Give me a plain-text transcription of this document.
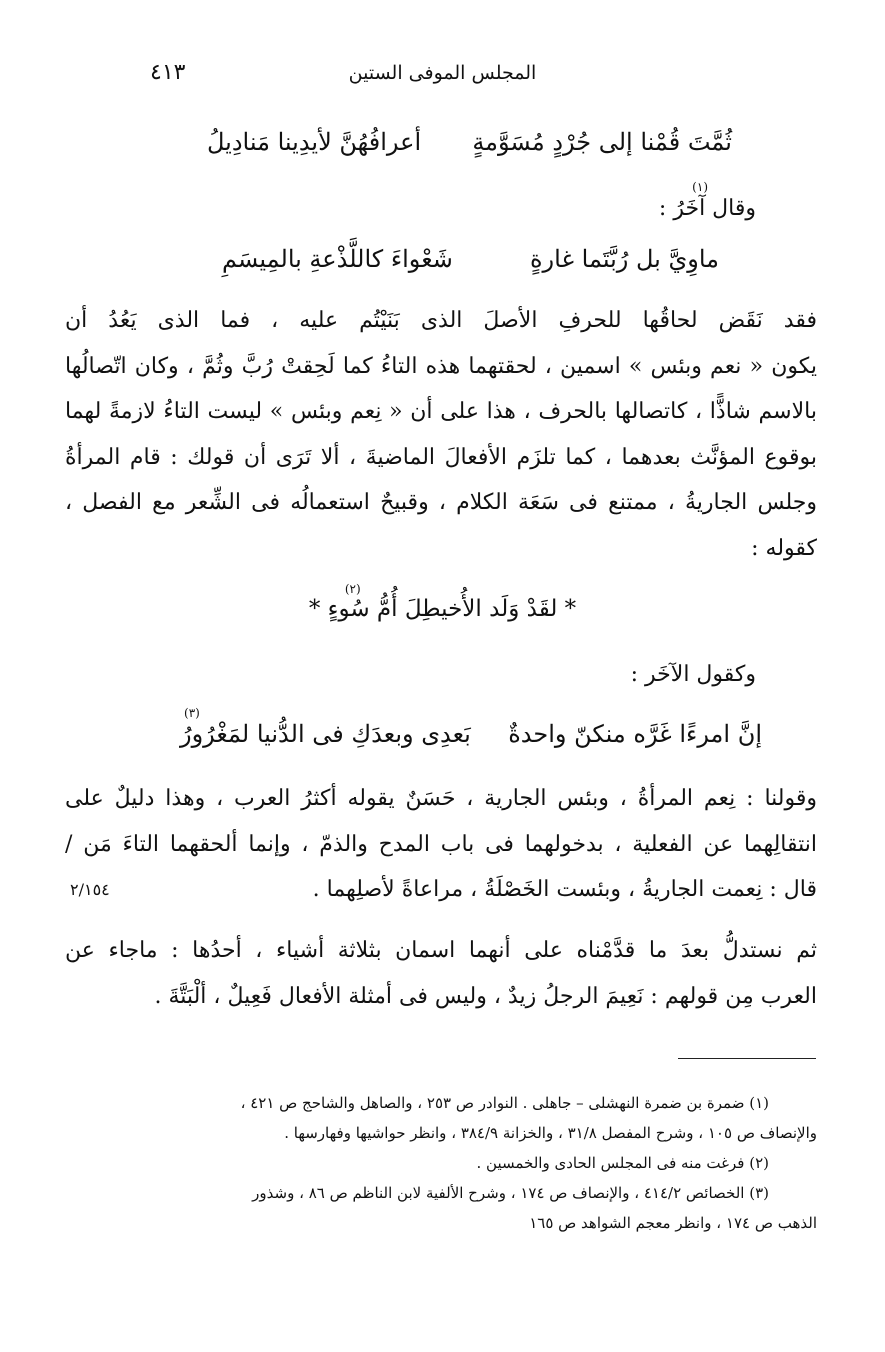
المجلس الموفى الستين
٤١٣
ثُمَّتَ قُمْنا إلى جُرْدٍ مُسَوَّمةٍ
أعرافُهُنَّ لأيدِينا مَنادِيلُ
وقال آخَرُ :
(١)
ماوِيَّ بل رُبَّتَما غارةٍ
شَعْواءَ كاللَّذْعةِ بالمِيسَمِ
فقد نَقَض لحاقُها للحرفِ الأصلَ الذى بَنَيْتُم عليه ، فما الذى يَعُدُ أن
يكون « نعم وبئس » اسمين ، لحقتهما هذه التاءُ كما لَحِقتْ رُبَّ وثُمَّ ، وكان اتّصالُها
بالاسم شاذًّا ، كاتصالها بالحرف ، هذا على أن « نِعم وبئس » ليست التاءُ لازمةً لهما
بوقوع المؤنَّث بعدهما ، كما تلزَم الأفعالَ الماضيةَ ، ألا تَرَى أن قولك : قام المرأةُ
وجلس الجاريةُ ، ممتنع فى سَعَة الكلام ، وقبيحٌ استعمالُه فى الشِّعر مع الفصل ،
كقوله :
* لقَدْ وَلَد الأُخيطِلَ أُمُّ سُوءٍ *
(٢)
وكقول الآخَر :
إنَّ امرءًا غَرَّه منكنّ واحدةٌ
بَعدِى وبعدَكِ فى الدُّنيا لمَغْرُورُ
(٣)
وقولنا : نِعم المرأةُ ، وبئس الجارية ، حَسَنٌ يقوله أكثرُ العرب ، وهذا دليلٌ على
انتقالِهما عن الفعلية ، بدخولهما فى باب المدح والذمّ ، وإنما ألحقهما التاءَ مَن /
قال : نِعمت الجاريةُ ، وبئست الخَصْلَةُ ، مراعاةً لأصلِهما .
٢/١٥٤
ثم نستدلُّ بعدَ ما قدَّمْناه على أنهما اسمان بثلاثة أشياء ، أحدُها : ماجاء عن
العرب مِن قولهم : نَعِيمَ الرجلُ زيدٌ ، وليس فى أمثلة الأفعال فَعِيلٌ ، ألْبَتَّةَ .
(١) ضمرة بن ضمرة النهشلى – جاهلى . النوادر ص ٢٥٣ ، والصاهل والشاحج ص ٤٢١ ،
والإنصاف ص ١٠٥ ، وشرح المفصل ٣١/٨ ، والخزانة ٣٨٤/٩ ، وانظر حواشيها وفهارسها .
(٢) فرغت منه فى المجلس الحادى والخمسين .
(٣) الخصائص ٤١٤/٢ ، والإنصاف ص ١٧٤ ، وشرح الألفية لابن الناظم ص ٨٦ ، وشذور
الذهب ص ١٧٤ ، وانظر معجم الشواهد ص ١٦٥
